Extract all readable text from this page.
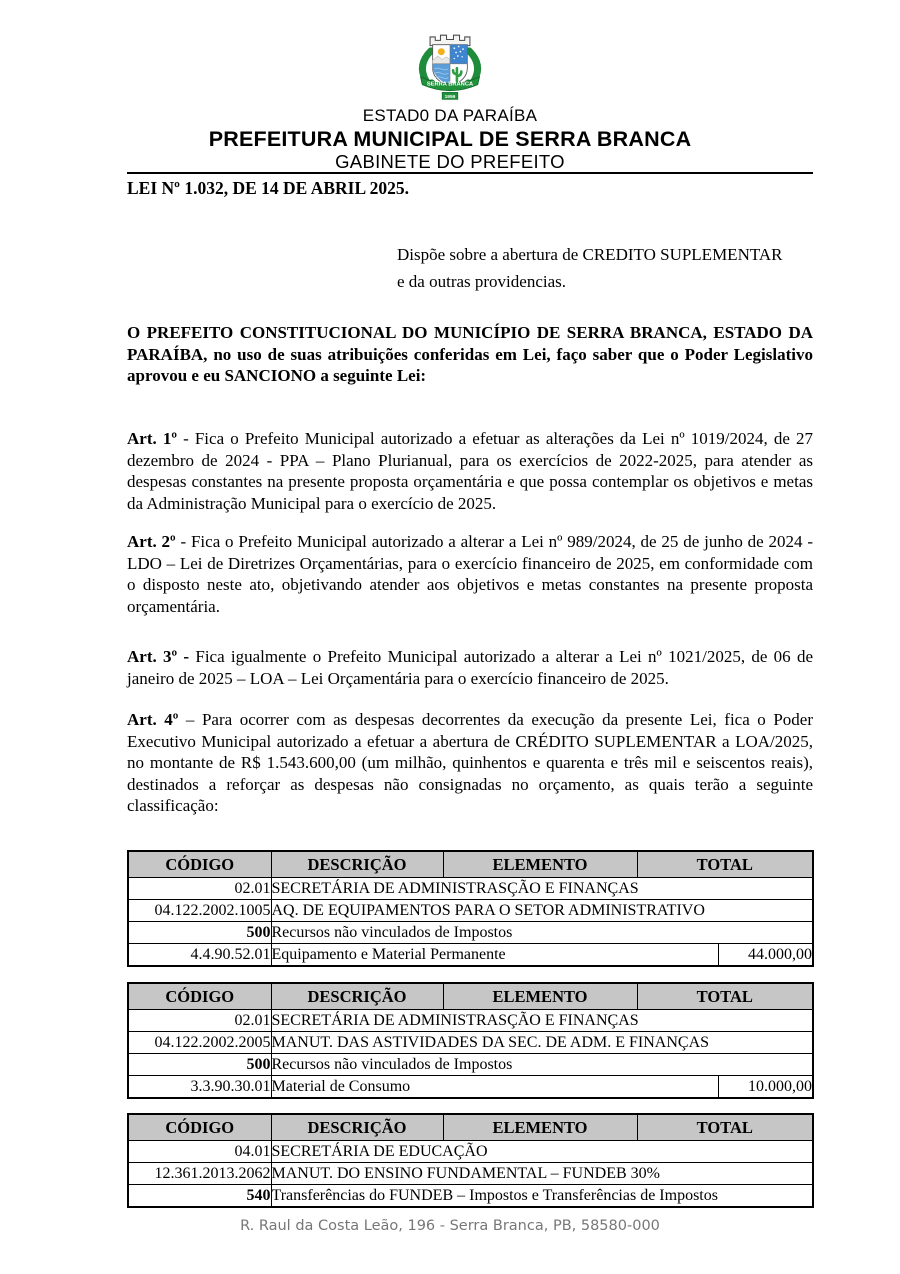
SERRA BRANCA
1959
ESTAD0 DA PARAÍBA
PREFEITURA MUNICIPAL DE SERRA BRANCA
GABINETE DO PREFEITO
LEI Nº 1.032, DE 14 DE ABRIL 2025.
Dispõe sobre a abertura de CREDITO SUPLEMENTAR
e da outras providencias.

O PREFEITO CONSTITUCIONAL DO MUNICÍPIO DE SERRA BRANCA, ESTADO DA PARAÍBA, no uso de suas atribuições conferidas em Lei, faço saber que o Poder Legislativo aprovou e eu SANCIONO a seguinte Lei:

Art. 1º - Fica o Prefeito Municipal autorizado a efetuar as alterações da Lei nº 1019/2024, de 27 dezembro de 2024 - PPA – Plano Plurianual, para os exercícios de 2022-2025, para atender as despesas constantes na presente proposta orçamentária e que possa contemplar os objetivos e metas da Administração Municipal para o exercício de 2025.

Art. 2º - Fica o Prefeito Municipal autorizado a alterar a Lei nº 989/2024, de 25 de junho de 2024 - LDO – Lei de Diretrizes Orçamentárias, para o exercício financeiro de 2025, em conformidade com o disposto neste ato, objetivando atender aos objetivos e metas constantes na presente proposta orçamentária.

Art. 3º - Fica igualmente o Prefeito Municipal autorizado a alterar a Lei nº 1021/2025, de 06 de janeiro de 2025 – LOA – Lei Orçamentária para o exercício financeiro de 2025.

Art. 4º – Para ocorrer com as despesas decorrentes da execução da presente Lei, fica o Poder Executivo Municipal autorizado a efetuar a abertura de CRÉDITO SUPLEMENTAR a LOA/2025, no montante de R$ 1.543.600,00 (um milhão, quinhentos e quarenta e três mil e seiscentos reais), destinados a reforçar as despesas não consignadas no orçamento, as quais terão a seguinte classificação:

CÓDIGO	DESCRIÇÃO	ELEMENTO	TOTAL	
02.01	SECRETÁRIA DE ADMINISTRASÇÃO E FINANÇAS			
04.122.2002.1005	AQ. DE EQUIPAMENTOS PARA O SETOR ADMINISTRATIVO			
500	Recursos não vinculados de Impostos			
4.4.90.52.01	Equipamento e Material Permanente			44.000,00
CÓDIGO	DESCRIÇÃO	ELEMENTO	TOTAL	
02.01	SECRETÁRIA DE ADMINISTRASÇÃO E FINANÇAS			
04.122.2002.2005	MANUT. DAS ASTIVIDADES DA SEC. DE ADM. E FINANÇAS			
500	Recursos não vinculados de Impostos			
3.3.90.30.01	Material de Consumo			10.000,00
CÓDIGO	DESCRIÇÃO	ELEMENTO	TOTAL
04.01	SECRETÁRIA DE EDUCAÇÃO		
12.361.2013.2062	MANUT. DO ENSINO FUNDAMENTAL – FUNDEB 30%		
540	Transferências do FUNDEB – Impostos e Transferências de Impostos		
R. Raul da Costa Leão, 196 - Serra Branca, PB, 58580-000
